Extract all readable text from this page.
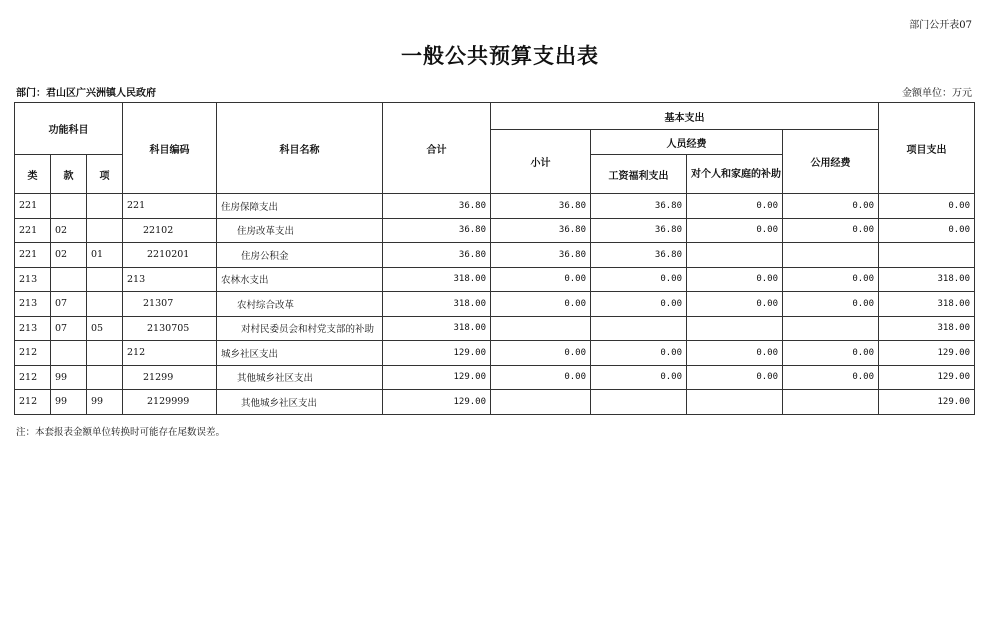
部门公开表07
一般公共预算支出表
部门：君山区广兴洲镇人民政府	金额单位：万元
功能科目			科目编码	科目名称	合计	基本支出				项目支出
						小计	人员经费		公用经费	
类	款	项					工资福利支出	对个人和家庭的补助		
221			221	住房保障支出	36.80	36.80	36.80	0.00	0.00	0.00
221	02		22102	住房改革支出	36.80	36.80	36.80	0.00	0.00	0.00
221	02	01	2210201	住房公积金	36.80	36.80	36.80			
213			213	农林水支出	318.00	0.00	0.00	0.00	0.00	318.00
213	07		21307	农村综合改革	318.00	0.00	0.00	0.00	0.00	318.00
213	07	05	2130705	对村民委员会和村党支部的补助	318.00					318.00
212			212	城乡社区支出	129.00	0.00	0.00	0.00	0.00	129.00
212	99		21299	其他城乡社区支出	129.00	0.00	0.00	0.00	0.00	129.00
212	99	99	2129999	其他城乡社区支出	129.00					129.00
注：本套报表金额单位转换时可能存在尾数误差。
